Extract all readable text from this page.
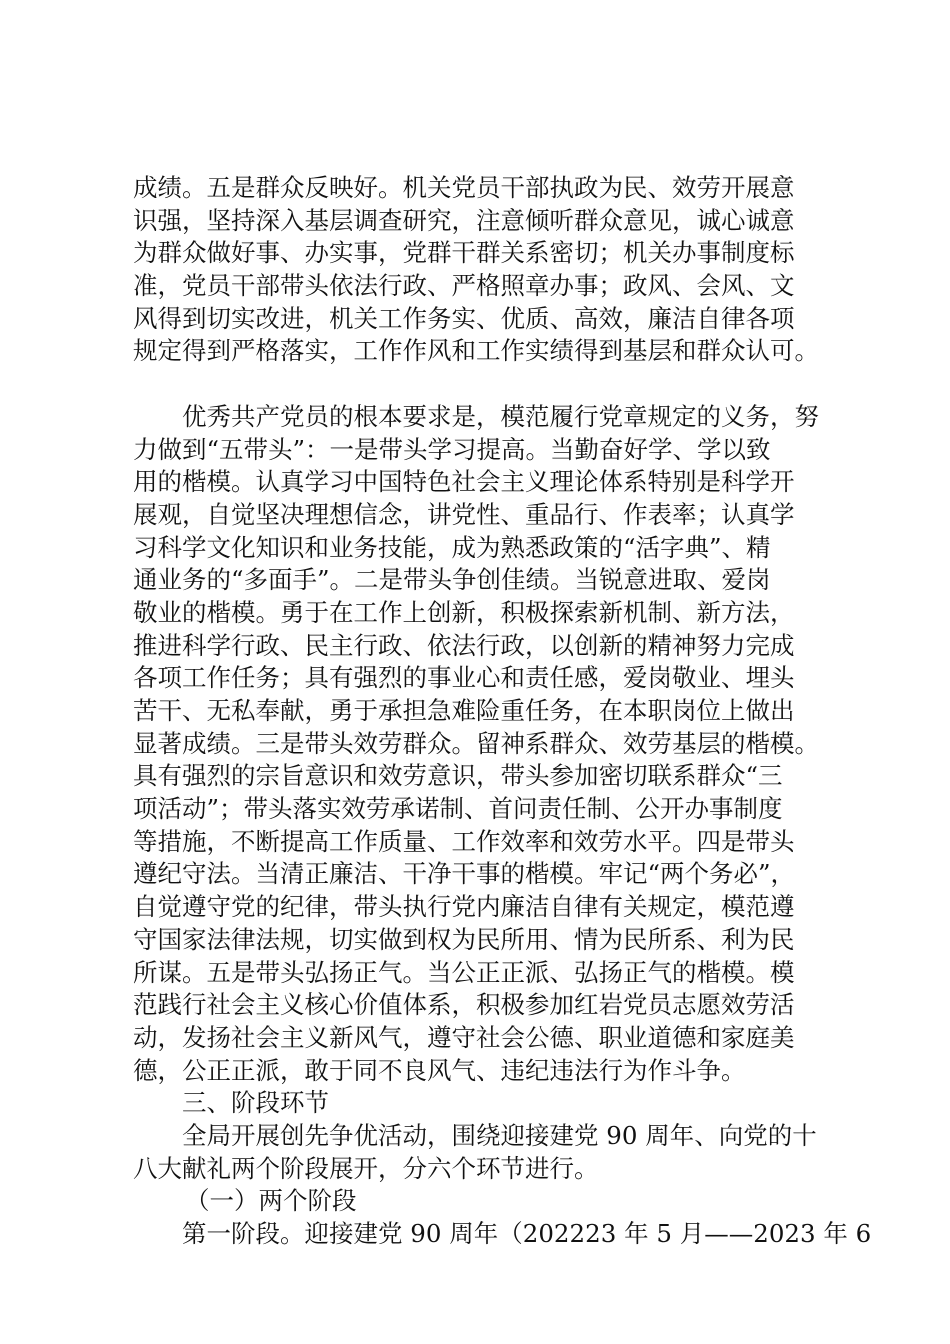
成绩。五是群众反映好。机关党员干部执政为民、效劳开展意
识强，坚持深入基层调查研究，注意倾听群众意见，诚心诚意
为群众做好事、办实事，党群干群关系密切；机关办事制度标
准，党员干部带头依法行政、严格照章办事；政风、会风、文
风得到切实改进，机关工作务实、优质、高效，廉洁自律各项
规定得到严格落实，工作作风和工作实绩得到基层和群众认可。
优秀共产党员的根本要求是，模范履行党章规定的义务，努
力做到“五带头”：一是带头学习提高。当勤奋好学、学以致
用的楷模。认真学习中国特色社会主义理论体系特别是科学开
展观，自觉坚决理想信念，讲党性、重品行、作表率；认真学
习科学文化知识和业务技能，成为熟悉政策的“活字典”、精
通业务的“多面手”。二是带头争创佳绩。当锐意进取、爱岗
敬业的楷模。勇于在工作上创新，积极探索新机制、新方法，
推进科学行政、民主行政、依法行政，以创新的精神努力完成
各项工作任务；具有强烈的事业心和责任感，爱岗敬业、埋头
苦干、无私奉献，勇于承担急难险重任务，在本职岗位上做出
显著成绩。三是带头效劳群众。留神系群众、效劳基层的楷模。
具有强烈的宗旨意识和效劳意识，带头参加密切联系群众“三
项活动”；带头落实效劳承诺制、首问责任制、公开办事制度
等措施，不断提高工作质量、工作效率和效劳水平。四是带头
遵纪守法。当清正廉洁、干净干事的楷模。牢记“两个务必”，
自觉遵守党的纪律，带头执行党内廉洁自律有关规定，模范遵
守国家法律法规，切实做到权为民所用、情为民所系、利为民
所谋。五是带头弘扬正气。当公正正派、弘扬正气的楷模。模
范践行社会主义核心价值体系，积极参加红岩党员志愿效劳活
动，发扬社会主义新风气，遵守社会公德、职业道德和家庭美
德，公正正派，敢于同不良风气、违纪违法行为作斗争。
三、阶段环节
全局开展创先争优活动，围绕迎接建党 90 周年、向党的十
八大献礼两个阶段展开，分六个环节进行。
（一）两个阶段
第一阶段。迎接建党 90 周年（202223 年 5 月——2023 年 6
